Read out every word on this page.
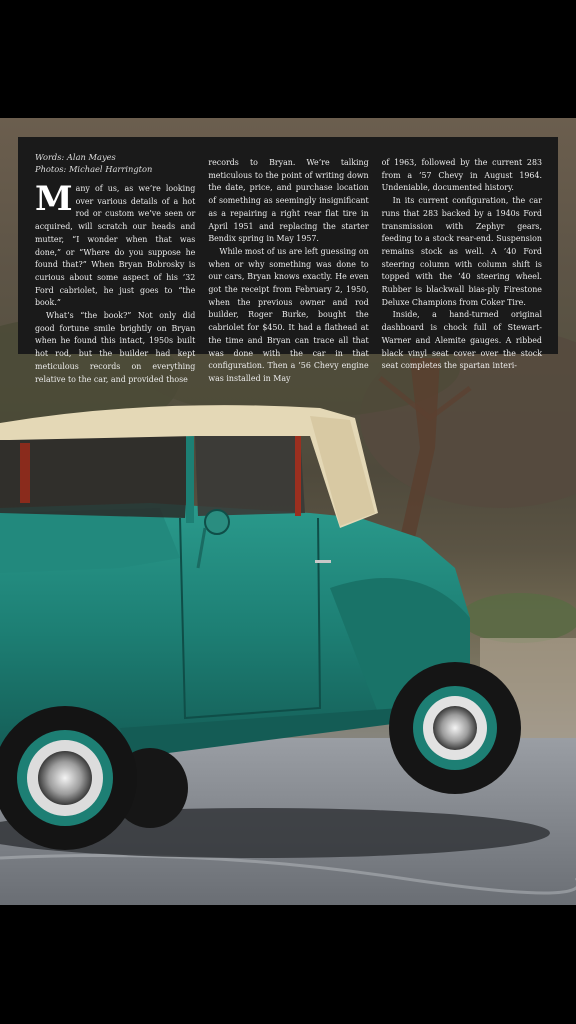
Words: Alan Mayes
Photos: Michael Harrington

Many of us, as we’re looking over various details of a hot rod or custom we’ve seen or acquired, will scratch our heads and mutter, “I wonder when that was done,” or “Where do you suppose he found that?” When Bryan Bobrosky is curious about some aspect of his ’32 Ford cabriolet, he just goes to “the book.”

What’s “the book?” Not only did good fortune smile brightly on Bryan when he found this intact, 1950s built hot rod, but the builder had kept meticulous records on everything relative to the car, and provided those

records to Bryan. We’re talking meticulous to the point of writing down the date, price, and purchase location of something as seemingly insignificant as a repairing a right rear flat tire in April 1951 and replacing the starter Bendix spring in May 1957.

While most of us are left guessing on when or why something was done to our cars, Bryan knows exactly. He even got the receipt from February 2, 1950, when the previous owner and rod builder, Roger Burke, bought the cabriolet for $450. It had a flathead at the time and Bryan can trace all that was done with the car in that configuration. Then a ’56 Chevy engine was installed in May

of 1963, followed by the current 283 from a ’57 Chevy in August 1964. Undeniable, documented history.

In its current configuration, the car runs that 283 backed by a 1940s Ford transmission with Zephyr gears, feeding to a stock rear-end. Suspension remains stock as well. A ’40 Ford steering column with column shift is topped with the ’40 steering wheel. Rubber is blackwall bias-ply Firestone Deluxe Champions from Coker Tire.

Inside, a hand-turned original dashboard is chock full of Stewart-Warner and Alemite gauges. A ribbed black vinyl seat cover over the stock seat completes the spartan interi-
